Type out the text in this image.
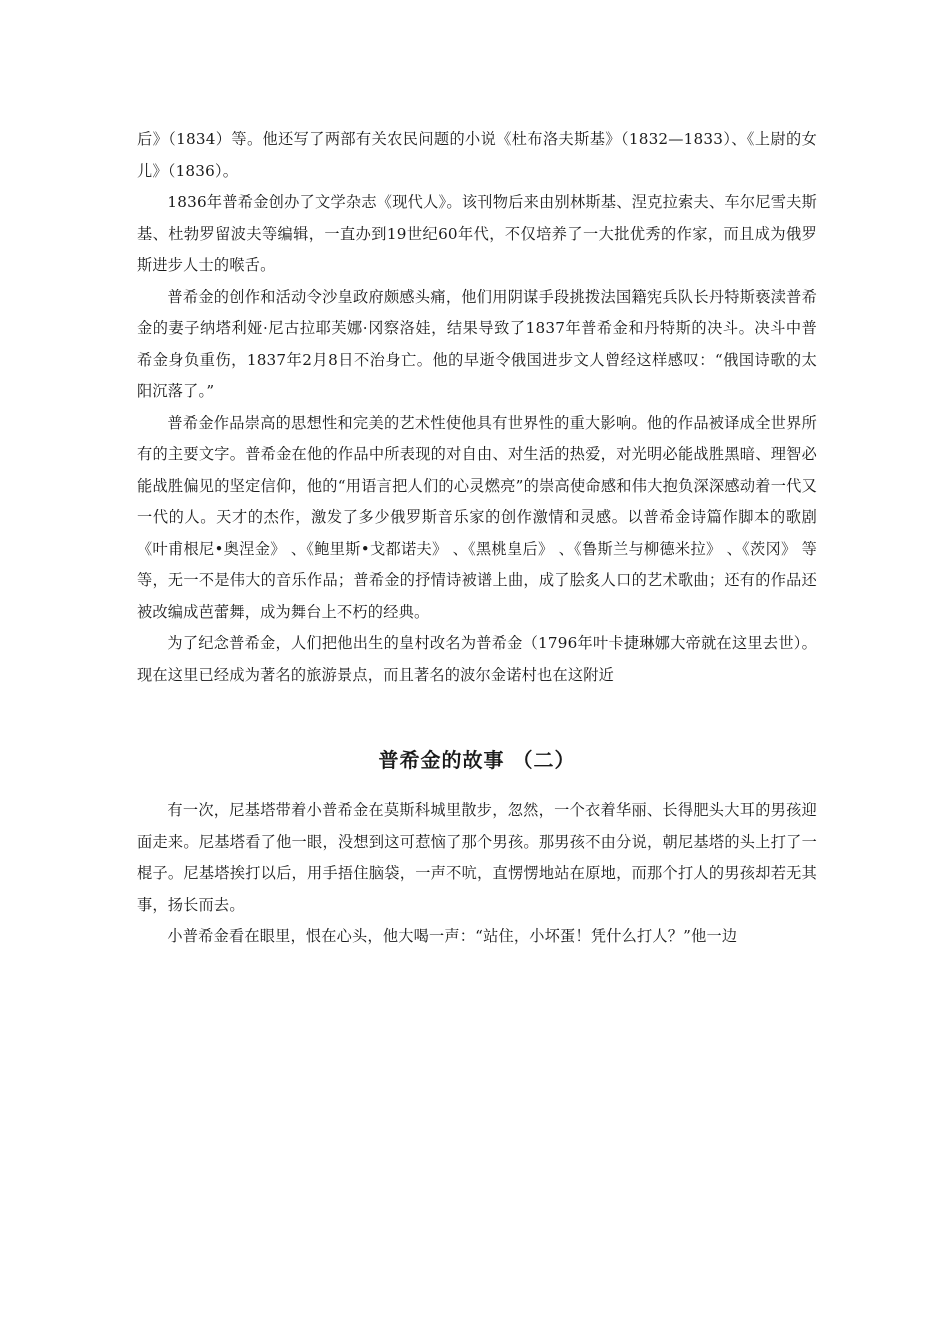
后》（1834）等。他还写了两部有关农民问题的小说《杜布洛夫斯基》（1832—1833）、《上尉的女儿》（1836）。

1836年普希金创办了文学杂志《现代人》。该刊物后来由别林斯基、涅克拉索夫、车尔尼雪夫斯基、杜勃罗留波夫等编辑，一直办到19世纪60年代，不仅培养了一大批优秀的作家，而且成为俄罗斯进步人士的喉舌。

普希金的创作和活动令沙皇政府颇感头痛，他们用阴谋手段挑拨法国籍宪兵队长丹特斯亵渎普希金的妻子纳塔利娅·尼古拉耶芙娜·冈察洛娃，结果导致了1837年普希金和丹特斯的决斗。决斗中普希金身负重伤，1837年2月8日不治身亡。他的早逝令俄国进步文人曾经这样感叹：“俄国诗歌的太阳沉落了。”

普希金作品崇高的思想性和完美的艺术性使他具有世界性的重大影响。他的作品被译成全世界所有的主要文字。普希金在他的作品中所表现的对自由、对生活的热爱，对光明必能战胜黑暗、理智必能战胜偏见的坚定信仰，他的“用语言把人们的心灵燃亮”的崇高使命感和伟大抱负深深感动着一代又一代的人。天才的杰作，激发了多少俄罗斯音乐家的创作激情和灵感。以普希金诗篇作脚本的歌剧《叶甫根尼•奥涅金》 、《鲍里斯•戈都诺夫》 、《黑桃皇后》 、《鲁斯兰与柳德米拉》 、《茨冈》 等等，无一不是伟大的音乐作品；普希金的抒情诗被谱上曲，成了脍炙人口的艺术歌曲；还有的作品还被改编成芭蕾舞，成为舞台上不朽的经典。

为了纪念普希金，人们把他出生的皇村改名为普希金（1796年叶卡捷琳娜大帝就在这里去世）。现在这里已经成为著名的旅游景点，而且著名的波尔金诺村也在这附近

普希金的故事 （二）

有一次，尼基塔带着小普希金在莫斯科城里散步，忽然，一个衣着华丽、长得肥头大耳的男孩迎面走来。尼基塔看了他一眼，没想到这可惹恼了那个男孩。那男孩不由分说，朝尼基塔的头上打了一棍子。尼基塔挨打以后，用手捂住脑袋，一声不吭，直愣愣地站在原地，而那个打人的男孩却若无其事，扬长而去。

小普希金看在眼里，恨在心头，他大喝一声：“站住，小坏蛋！凭什么打人？”他一边
